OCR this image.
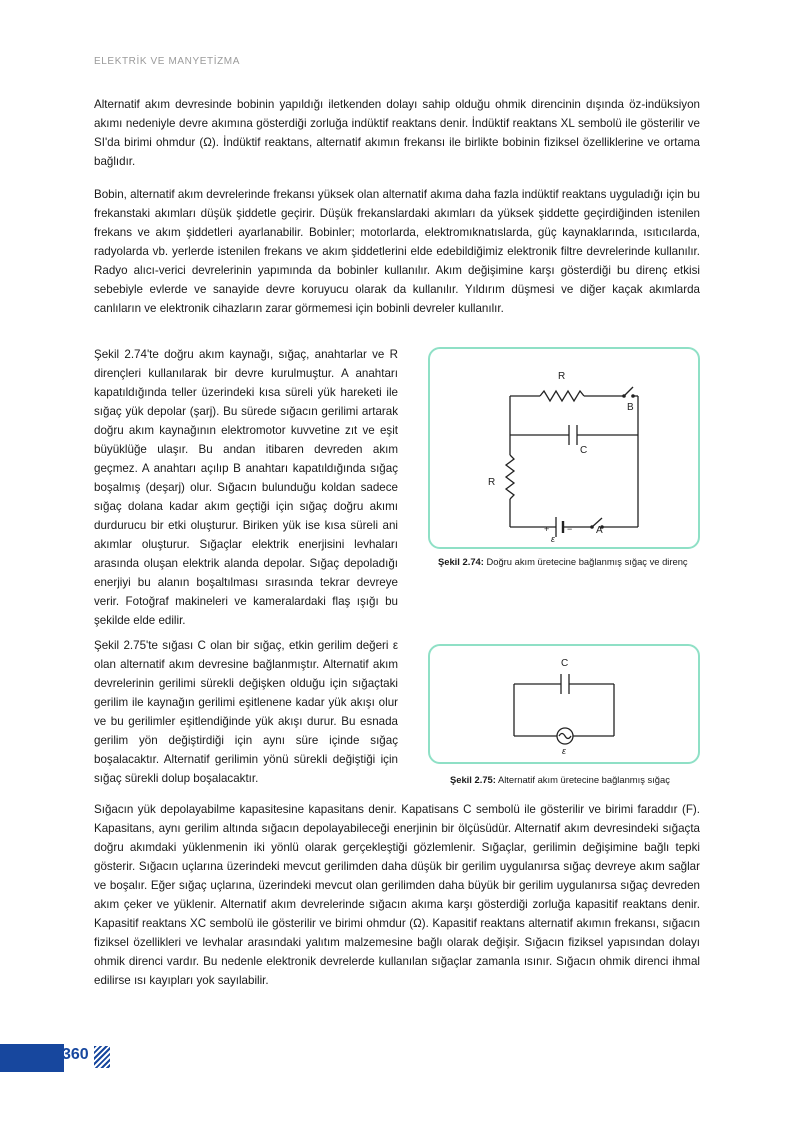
ELEKTRİK VE MANYETİZMA
Alternatif akım devresinde bobinin yapıldığı iletkenden dolayı sahip olduğu ohmik direncinin dışında öz-indüksiyon akımı nedeniyle devre akımına gösterdiği zorluğa indüktif reaktans denir. İndüktif reaktans XL sembolü ile gösterilir ve SI'da birimi ohmdur (Ω). İndüktif reaktans, alternatif akımın frekansı ile birlikte bobinin fiziksel özelliklerine ve ortama bağlıdır.
Bobin, alternatif akım devrelerinde frekansı yüksek olan alternatif akıma daha fazla indüktif reaktans uyguladığı için bu frekanstaki akımları düşük şiddetle geçirir. Düşük frekanslardaki akımları da yüksek şiddette geçirdiğinden istenilen frekans ve akım şiddetleri ayarlanabilir. Bobinler; motorlarda, elektromıknatıslarda, güç kaynaklarında, ısıtıcılarda, radyolarda vb. yerlerde istenilen frekans ve akım şiddetlerini elde edebildiğimiz elektronik filtre devrelerinde kullanılır. Radyo alıcı-verici devrelerinin yapımında da bobinler kullanılır. Akım değişimine karşı gösterdiği bu direnç etkisi sebebiyle evlerde ve sanayide devre koruyucu olarak da kullanılır. Yıldırım düşmesi ve diğer kaçak akımlarda canlıların ve elektronik cihazların zarar görmemesi için bobinli devreler kullanılır.
Şekil 2.74'te doğru akım kaynağı, sığaç, anahtarlar ve R dirençleri kullanılarak bir devre kurulmuştur. A anahtarı kapatıldığında teller üzerindeki kısa süreli yük hareketi ile sığaç yük depolar (şarj). Bu sürede sığacın gerilimi artarak doğru akım kaynağının elektromotor kuvvetine zıt ve eşit büyüklüğe ulaşır. Bu andan itibaren devreden akım geçmez. A anahtarı açılıp B anahtarı kapatıldığında sığaç boşalmış (deşarj) olur. Sığacın bulunduğu koldan sadece sığaç dolana kadar akım geçtiği için sığaç doğru akımı durdurucu bir etki oluşturur. Biriken yük ise kısa süreli ani akımlar oluşturur. Sığaçlar elektrik enerjisini levhaları arasında oluşan elektrik alanda depolar. Sığaç depoladığı enerjiyi bu alanın boşaltılması sırasında tekrar devreye verir. Fotoğraf makineleri ve kameralardaki flaş ışığı bu şekilde elde edilir.
R
B
C
R
+ −
ε
A
Şekil 2.74: Doğru akım üretecine bağlanmış sığaç ve direnç
Şekil 2.75'te sığası C olan bir sığaç, etkin gerilim değeri ε olan alternatif akım devresine bağlanmıştır. Alternatif akım devrelerinin gerilimi sürekli değişken olduğu için sığaçtaki gerilim ile kaynağın gerilimi eşitlenene kadar yük akışı olur ve bu gerilimler eşitlendiğinde yük akışı durur. Bu esnada gerilim yön değiştirdiği için aynı süre içinde sığaç boşalacaktır. Alternatif gerilimin yönü sürekli değiştiği için sığaç sürekli dolup boşalacaktır.
C
ε
Şekil 2.75: Alternatif akım üretecine bağlanmış sığaç
Sığacın yük depolayabilme kapasitesine kapasitans denir. Kapatisans C sembolü ile gösterilir ve birimi faraddır (F). Kapasitans, aynı gerilim altında sığacın depolayabileceği enerjinin bir ölçüsüdür. Alternatif akım devresindeki sığaçta doğru akımdaki yüklenmenin iki yönlü olarak gerçekleştiği gözlemlenir. Sığaçlar, gerilimin değişimine bağlı tepki gösterir. Sığacın uçlarına üzerindeki mevcut gerilimden daha düşük bir gerilim uygulanırsa sığaç devreye akım sağlar ve boşalır. Eğer sığaç uçlarına, üzerindeki mevcut olan gerilimden daha büyük bir gerilim uygulanırsa sığaç devreden akım çeker ve yüklenir. Alternatif akım devrelerinde sığacın akıma karşı gösterdiği zorluğa kapasitif reaktans denir. Kapasitif reaktans XC sembolü ile gösterilir ve birimi ohmdur (Ω). Kapasitif reaktans alternatif akımın frekansı, sığacın fiziksel özellikleri ve levhalar arasındaki yalıtım malzemesine bağlı olarak değişir. Sığacın fiziksel yapısından dolayı ohmik direnci vardır. Bu nedenle elektronik devrelerde kullanılan sığaçlar zamanla ısınır. Sığacın ohmik direnci ihmal edilirse ısı kayıpları yok sayılabilir.
360
